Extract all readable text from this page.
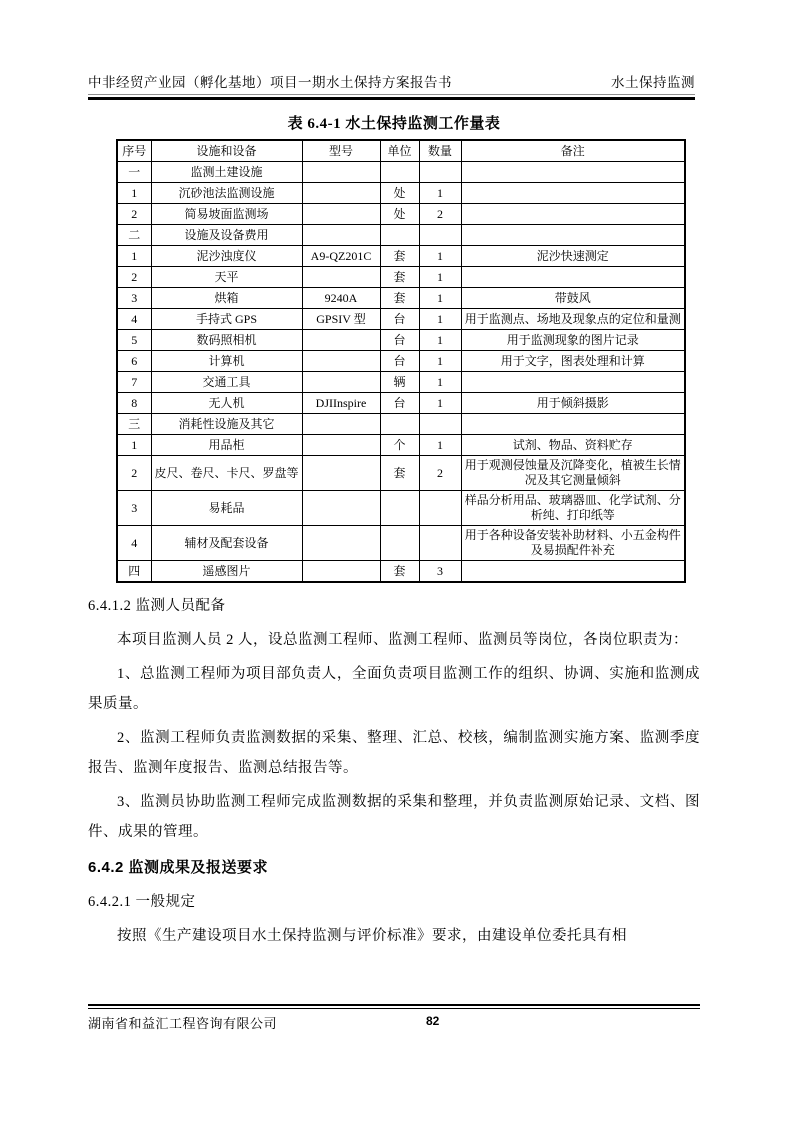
中非经贸产业园（孵化基地）项目一期水土保持方案报告书	水土保持监测
表 6.4-1 水土保持监测工作量表
序号	设施和设备	型号	单位	数量	备注
一	监测土建设施				
1	沉砂池法监测设施		处	1	
2	简易坡面监测场		处	2	
二	设施及设备费用				
1	泥沙浊度仪	A9-QZ201C	套	1	泥沙快速测定
2	天平		套	1	
3	烘箱	9240A	套	1	带鼓风
4	手持式 GPS	GPSIV 型	台	1	用于监测点、场地及现象点的定位和量测
5	数码照相机		台	1	用于监测现象的图片记录
6	计算机		台	1	用于文字，图表处理和计算
7	交通工具		辆	1	
8	无人机	DJIInspire	台	1	用于倾斜摄影
三	消耗性设施及其它				
1	用品柜		个	1	试剂、物品、资料贮存
2	皮尺、卷尺、卡尺、罗盘等		套	2	用于观测侵蚀量及沉降变化，植被生长情况及其它测量倾斜
3	易耗品				样品分析用品、玻璃器皿、化学试剂、分析纯、打印纸等
4	辅材及配套设备				用于各种设备安装补助材料、小五金构件及易损配件补充
四	遥感图片		套	3	
6.4.1.2 监测人员配备

本项目监测人员 2 人，设总监测工程师、监测工程师、监测员等岗位，各岗位职责为：

1、总监测工程师为项目部负责人，全面负责项目监测工作的组织、协调、实施和监测成果质量。

2、监测工程师负责监测数据的采集、整理、汇总、校核，编制监测实施方案、监测季度报告、监测年度报告、监测总结报告等。

3、监测员协助监测工程师完成监测数据的采集和整理，并负责监测原始记录、文档、图件、成果的管理。

6.4.2 监测成果及报送要求
6.4.2.1 一般规定

按照《生产建设项目水土保持监测与评价标准》要求，由建设单位委托具有相

湖南省和益汇工程咨询有限公司	82
